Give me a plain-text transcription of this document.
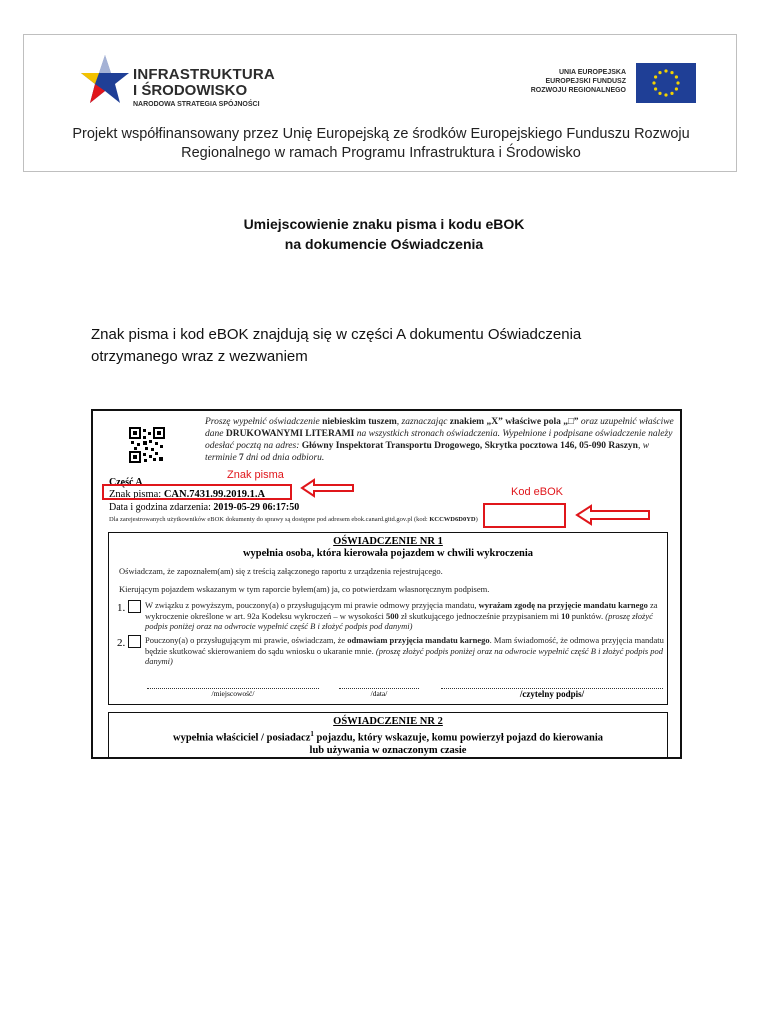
INFRASTRUKTURA
I ŚRODOWISKO
NARODOWA STRATEGIA SPÓJNOŚCI
UNIA EUROPEJSKA
EUROPEJSKI FUNDUSZ
ROZWOJU REGIONALNEGO
Projekt współfinansowany przez Unię Europejską ze środków Europejskiego Funduszu Rozwoju
Regionalnego w ramach Programu Infrastruktura i Środowisko
Umiejscowienie znaku pisma i kodu eBOK
na dokumencie Oświadczenia
Znak pisma i kod eBOK znajdują się w części A dokumentu Oświadczenia otrzymanego wraz z wezwaniem
Proszę wypełnić oświadczenie niebieskim tuszem, zaznaczając znakiem „X” właściwe pola „□” oraz uzupełnić właściwe dane DRUKOWANYMI LITERAMI na wszystkich stronach oświadczenia. Wypełnione i podpisane oświadczenie należy odesłać pocztą na adres: Główny Inspektorat Transportu Drogowego, Skrytka pocztowa 146, 05-090 Raszyn, w terminie 7 dni od dnia odbioru.
Część A
Znak pisma: CAN.7431.99.2019.1.A
Data i godzina zdarzenia: 2019-05-29 06:17:50
Dla zarejestrowanych użytkowników eBOK dokumenty do sprawy są dostępne pod adresem ebok.canard.gitd.gov.pl (kod: KCCWD6D0YD)
OŚWIADCZENIE NR 1
wypełnia osoba, która kierowała pojazdem w chwili wykroczenia
Oświadczam, że zapoznałem(am) się z treścią załączonego raportu z urządzenia rejestrującego.
Kierującym pojazdem wskazanym w tym raporcie byłem(am) ja, co potwierdzam własnoręcznym podpisem.
1. W związku z powyższym, pouczony(a) o przysługującym mi prawie odmowy przyjęcia mandatu, wyrażam zgodę na przyjęcie mandatu karnego za wykroczenie określone w art. 92a Kodeksu wykroczeń – w wysokości 500 zł skutkującego jednocześnie przypisaniem mi 10 punktów. (proszę złożyć podpis poniżej oraz na odwrocie wypełnić część B i złożyć podpis pod danymi)
2. Pouczony(a) o przysługującym mi prawie, oświadczam, że odmawiam przyjęcia mandatu karnego. Mam świadomość, że odmowa przyjęcia mandatu będzie skutkować skierowaniem do sądu wniosku o ukaranie mnie. (proszę złożyć podpis poniżej oraz na odwrocie wypełnić część B i złożyć podpis pod danymi)
/miejscowość/	/data/	/czytelny podpis/
OŚWIADCZENIE NR 2
wypełnia właściciel / posiadacz$^1$ pojazdu, który wskazuje, komu powierzył pojazd do kierowania
lub używania w oznaczonym czasie
Znak pisma
Kod eBOK
